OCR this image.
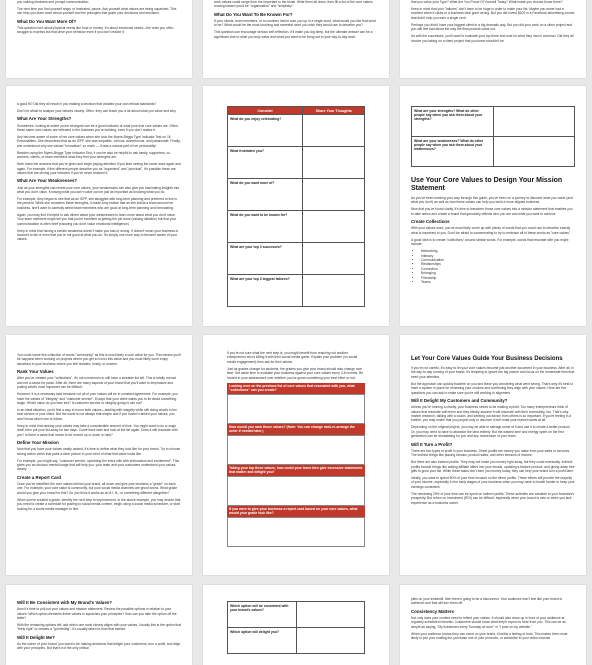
you valuing kindness and prompt communication.

The next time you find yourself angry or frustrated, pause. Ask yourself what values are being squashed. This can help you learn more about yourself and the principles that guide your decisions and emotions.

What Do You Want More Of?

This question isn't about physical needs like food or money. It's about emotional needs—the ones you often struggle to express but that drive your behavior even if you don't realize it.

work values could range from the important to the trivial. Write them all down, then fill a list of the core values moving toward you'd be "organization" and "simplicity."

What Do You Want To Be Known For?

If your clients, team members, or co-workers had to sum you up in a single word, what would you like that word to be? What would be the most touching and sweetest word you wish they would use to describe you?

This question can encourage serious self-reflection. It'll make you dig deep, but the ultimate answer can be a significant clue to what you truly value and what you want to be living out in your day-to-day work.

that you value your Type? What Are You Proud Of Yourself Today? What made you choose those three?

Keep in mind that your "failures" don't have to be huge in order to make your list. Maybe you never had a moment when it clicks or a business deal gone wrong. But you did invest $200 in a Facebook advertising course that didn't help you earn a single cent.

Perhaps you didn't have your biggest client in a big dramatic way. But you did your work on a client project and you still feel bad about the way the final product came out.

As with the successes, you'll want to evaluate your top three and look for what they had in common. Did they all involve you taking on a client project that you knew shouldn't be

a good fit? Did they all result in you making a decision that violated your own ethical standards?

Don't be afraid to analyze your failures closely. Often, they can teach you a lot about what you value and why.

What Are Your Strengths?

Sometimes, looking at where you're strongest can be a good indicator of what your true core values are. Often, these same core values are reflected in the business you're building, even if you don't realize it.

Any become aware of some of her core values when she took the Myers-Briggs Type Indicator Test on 16 Personalities. She discovered that as an ISFP, she was empathic, curious, adventurous, and passionate. Finally, she understood why she valued "innovation" so much — it was a natural part of her personality!

Besides using the Myers-Briggs Type Indicator Test, it can be also be helpful to ask family, supporters, co-workers, clients, or team members what they feel your strengths are.

Note down the answers that you're given and begin paying attention if you start seeing the same word again and again. For example, if five different people describe you as "organized" and "punctual", it's possible these are values that are driving your behavior if you've never realized it.

What Are Your Weaknesses?

Just as your strengths can reveal your core values, your weaknesses can also give you fascinating insights into what you don't value. Knowing what you don't value can be just as important as knowing what you do.

For example, Amy began to see that as an ISFP, she struggled with long-term planning and preferred to live in the present. While she considers these strengths, it made Amy realize that as she builds a team around her business, she'll want to carefully select team members who are good at long-term planning and forecasting.

Again, you may find it helpful to ask others about your weaknesses to learn more about what you don't value. Your team members might tell you that you're excellent at getting the job done (valuing initiative) but that your communication is often brief (showing you don't value emotional intelligence).

Keep in mind that having a certain weakness doesn't make you bad or wrong. It doesn't mean your business is doomed to fail or even that you're not good at what you do. It's simply one more way to become aware of your values.

Consider	Share Your Thoughts
What do you enjoy celebrating?	
What frustrates you?	
What do you want more of?	
What do you want to be known for?	
What are your top 3 successes?	
What are your top 3 biggest failures?	
What are your strengths? What do other people say when you ask them about your strengths?	
What are your weaknesses? What do other people say when you ask them about your weaknesses?	
Use Your Core Values to Design Your Mission Statement

As you've been working your way through this guide, you've been on a journey to discover what you value (and what you don't) as well as how these values can help you build a more aligned business.

Now that you've found clarity, it's time to transform those core values into a mission statement that enables you to take action and create a brand that genuinely reflects who you are and what you want to achieve.

Create Collections

With your values work, you've most likely come up with plenty of words that you could use to describe exactly what is important to you. Don't be afraid to concentrating to try to embrace all of these words as "core values".

A good idea is to create "collections" around similar words. For example, words that resonate with you might include:

• Networking
• Intimacy
• Communication
• Relationships
• Connection
• Belonging
• Friendship
• Teams

You could name this collection of words "community" as this is most likely a core value for you. This means you'll be happiest when working on projects where you get to honor this value and you most likely won't enjoy situations in your business where you feel isolated, lonely, or unseen.

Rank Your Values

After you've created your "collections", it's not uncommon to still have a sizeable list left. This is totally normal and not a cause for panic. After all, there are many aspects of your brand that you'll want to emphasize and putting what's most important can be difficult.

However, it is a necessary task because not all of your values will be in constant agreement. For example, you have the values of "integrity" and "customer service". Except that your client wants you to lie about something tragic. Which value do you lean into? Is customer service or integrity going to win out?

In an ideal situation, you'd find a way to honor both values—leading with integrity while still doing what's in the best service of your client. But the world is not always that simple and if you haven't ranked your values, you won't know which one to follow.

Keep in mind that ranking your values may take a considerable amount of time. You might want to do a rough draft, then put your list away for two days. Come back later and look at the list again. Does it still resonate with you? Is there a value that needs to be moved up or down in rank?

Define Your Mission

Now that you have your values neatly ranked, it's time to define what they look like for your brand. Try to choose strong action verbs that paint a clear picture in your mind of what that value looks like.

For example, you might say, "customer service, upholding the extra mile with enthusiasm and excitement". This gives you an obvious mental image that will help you, your team and your customers understand your values clearly.

Create a Report Card

Once you've identified the core values behind your brand, all down and give your business a "grade" on each one. For example, your core value is community, but your social media channels are ghost towns. What grade would you give your brand for this? Do you think it works as an A+, B-, or something different altogether?

When you've created a grade, identify the next step to improvement. In the above example, you may decide that you need to create a schedule for posting to social media content, begin using a social media scheduler, or start looking for a social media manager to hire.

If you're not sure what the next step is, you might benefit from reaching out another entrepreneur who's killing it with their social media game. Explain your problem (no social media engagement) then ask for their advice.

Just as grades change for students, the grades you give your brand should also change over time. Set aside time to evaluate your business against your core values every 3-6 months. Be honest in your assessment over whether you've grown something your best effort or not.

Looking over on the previous list of core values that resonated with you, what "collections" can you create?
Now would you rank those values? (Note: You can change rank-re-arrange the order if needed later.)
Taking your top three values, how could your team then give excessive statements that matter and delight you?
If you were to give your business a report card based on your core values, what would your grade look like?
Let Your Core Values Guide Your Business Decisions

If you're not careful, it's easy to let your core values become just another document in your business. After all, in the day-to-day running of your brand, it's tempting to ignore the big picture and focus on the immediate fires that need your attention.

But the approach can quickly backfire on you and leave you wondering what went wrong. That's why it's best to have a system in place for reviewing your choices and confirming they align with your values. Here are five questions you can ask to make sure you're still working in alignment.

Will It Delight My Customers and Community?

Unless you're running a charity, your business needs to be making a profit. Too many entrepreneurs think of values that resonate with them and they blindly assume it will resonate with their community, too. That's why market research, talking with a coach, and seeking out advice from others is so important. If you're feeling in a bubble, you may notice that you project only to discover it isn't what your market wants at all.

Depending on the original project, you may be able to salvage some of it and use it to create a better product. Or, you may need to have to abandon the idea entirely. But the wasted time and energy spent on the first generation can be devastating for you and any momentum of your team.

Will It Turn a Profit?

There are two types of profit in your business. Direct profits are money you make from your sales or services. The indirect things like placing ebooks, product sales, and other streams of income.

But there are also indirect profits. They may not make you money right away, but they could eventually. Indirect profits include things like adding affiliate offers into your emails, updating a feature product, and giving away free gifts to grow your list. While these tasks don't earn you money today, they can help your brand turn a profit later.

Ideally, you want to spend 80% of your time focused on the direct profits. These efforts will provide the majority of your income, especially in the early stages of your business when you may have to hustle harder to keep your earnings consistent.

The remaining 20% of your time can be spent on indirect profits. These activities are valuable to your business's prosperity. But return on investment (ROI) can be difficult, especially when your brand is new or when you lack experience as a business owner.

Will It Be Consistent with My Brand's Values?

Now it's time to pull out your values and mission statement. Review the possible options in relation to your values. Which option elements these values or squashes your principles? How can you take the option off the table?

With the remaining options left, ask which one most closely aligns with your values. Usually this is the option that "feels right" or creates a "gut feeling". It's usually taken to trust that instinct.

Will It Delight Me?

As the owner of your brand, you want to be making decisions that delight your customers, turn a profit, and align with your principles. But that's not the only critical

Which option will be consistent with your brand's values?	
Which option will delight you?	

piles on your treadmill, then there's going to be a disconnect. Your audience won't feel like your brand is authentic and that will turn them off.

Consistency Matters

Not only does your content need to reflect your values. It should also show up in front of your audience at regularly scheduled intervals. Customers should know what they'll expect to hear from you. This can be as simple as saying, "My livestream every Tuesday at noon" or "I post on my website."

When your audience knows they can count on your brand, it builds a feeling of trust. This makes them most likely to join your mailing list, purchase one of your products, or subscribe to your video channel.
